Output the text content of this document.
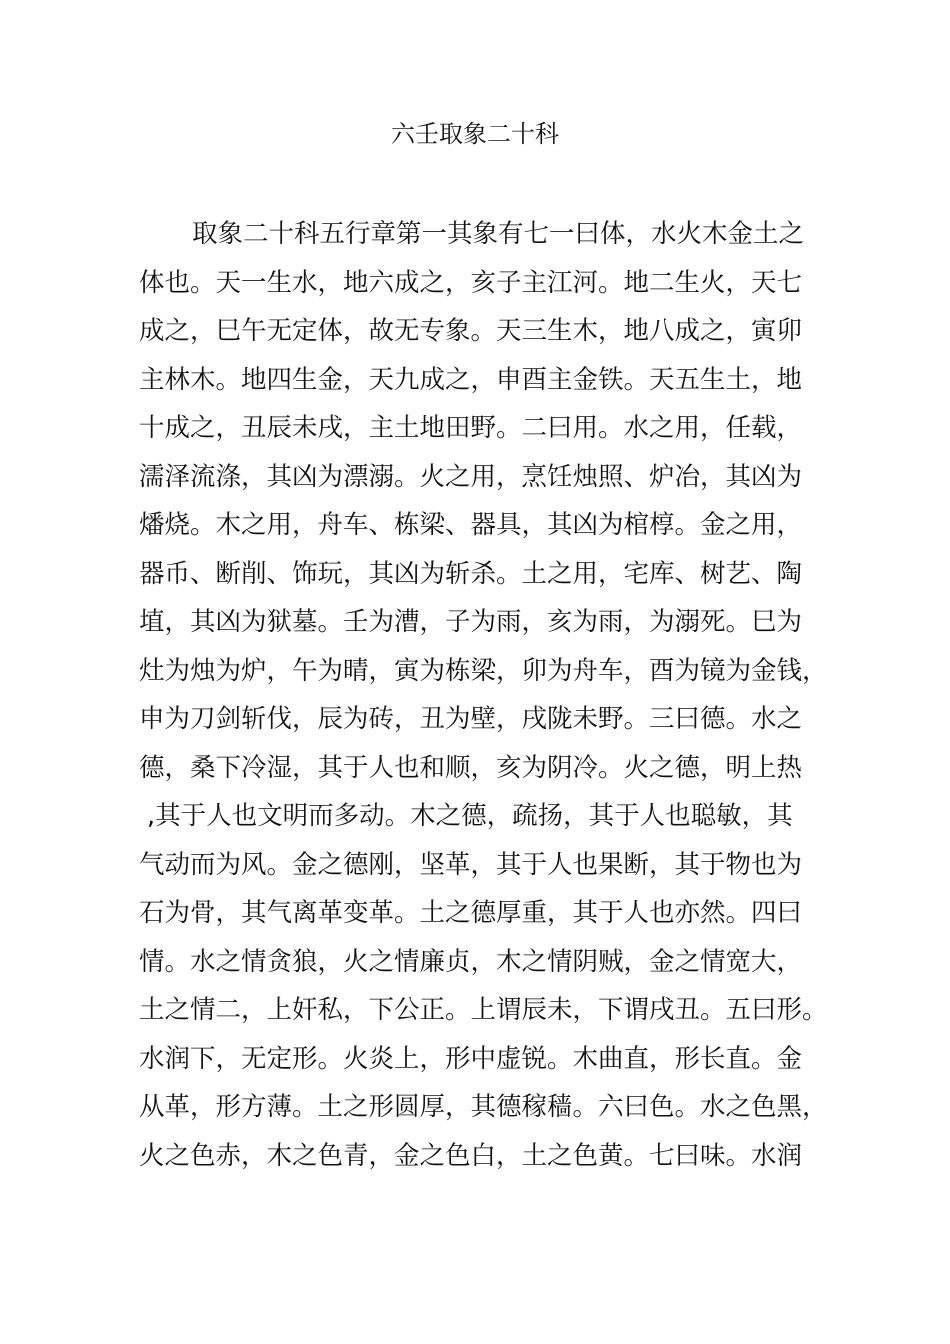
六壬取象二十科
取象二十科五行章第一其象有七一曰体，水火木金土之
体也。天一生水，地六成之，亥子主江河。地二生火，天七
成之，巳午无定体，故无专象。天三生木，地八成之，寅卯
主林木。地四生金，天九成之，申酉主金铁。天五生土，地
十成之，丑辰未戌，主土地田野。二曰用。水之用，任载，
濡泽流涤，其凶为漂溺。火之用，烹饪烛照、炉冶，其凶为
燔烧。木之用，舟车、栋梁、器具，其凶为棺椁。金之用，
器币、断削、饰玩，其凶为斩杀。土之用，宅库、树艺、陶
埴，其凶为狱墓。壬为漕，子为雨，亥为雨，为溺死。巳为
灶为烛为炉，午为晴，寅为栋梁，卯为舟车，酉为镜为金钱，
申为刀剑斩伐，辰为砖，丑为壁，戌陇未野。三曰德。水之
德，桑下冷湿，其于人也和顺，亥为阴冷。火之德，明上热
,其于人也文明而多动。木之德，疏扬，其于人也聪敏，其
气动而为风。金之德刚，坚革，其于人也果断，其于物也为
石为骨，其气离革变革。土之德厚重，其于人也亦然。四曰
情。水之情贪狼，火之情廉贞，木之情阴贼，金之情宽大，
土之情二，上奸私，下公正。上谓辰未，下谓戌丑。五曰形。
水润下，无定形。火炎上，形中虚锐。木曲直，形长直。金
从革，形方薄。土之形圆厚，其德稼穑。六曰色。水之色黑，
火之色赤，木之色青，金之色白，土之色黄。七曰味。水润
